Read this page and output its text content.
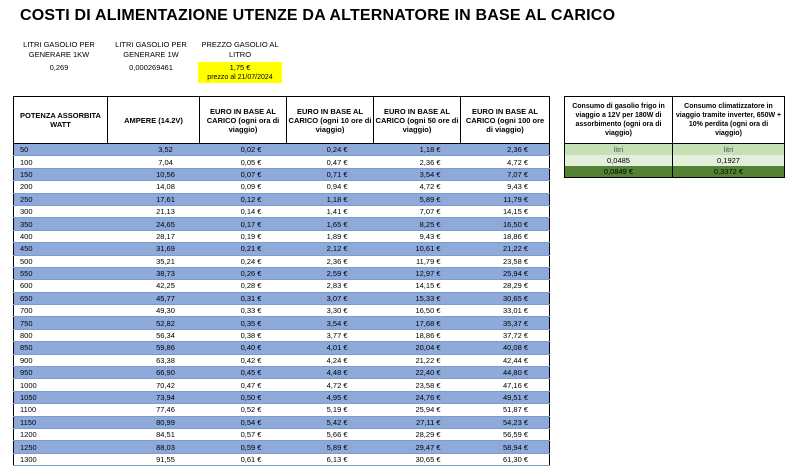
COSTI DI ALIMENTAZIONE UTENZE DA ALTERNATORE IN BASE AL CARICO
LITRI GASOLIO PER GENERARE 1KW
0,269
LITRI GASOLIO PER GENERARE 1W
0,000269461
PREZZO GASOLIO AL LITRO
1,75 €
prezzo al 21/07/2024
POTENZA ASSORBITA WATT	AMPERE (14.2V)	EURO IN BASE AL CARICO (ogni ora di viaggio)	EURO IN BASE AL CARICO (ogni 10 ore di viaggio)	EURO IN BASE AL CARICO (ogni 50 ore di viaggio)	EURO IN BASE AL CARICO (ogni 100 ore di viaggio)
50	3,52	0,02 €	0,24 €	1,18 €	2,36 €
100	7,04	0,05 €	0,47 €	2,36 €	4,72 €
150	10,56	0,07 €	0,71 €	3,54 €	7,07 €
200	14,08	0,09 €	0,94 €	4,72 €	9,43 €
250	17,61	0,12 €	1,18 €	5,89 €	11,79 €
300	21,13	0,14 €	1,41 €	7,07 €	14,15 €
350	24,65	0,17 €	1,65 €	8,25 €	16,50 €
400	28,17	0,19 €	1,89 €	9,43 €	18,86 €
450	31,69	0,21 €	2,12 €	10,61 €	21,22 €
500	35,21	0,24 €	2,36 €	11,79 €	23,58 €
550	38,73	0,26 €	2,59 €	12,97 €	25,94 €
600	42,25	0,28 €	2,83 €	14,15 €	28,29 €
650	45,77	0,31 €	3,07 €	15,33 €	30,65 €
700	49,30	0,33 €	3,30 €	16,50 €	33,01 €
750	52,82	0,35 €	3,54 €	17,68 €	35,37 €
800	56,34	0,38 €	3,77 €	18,86 €	37,72 €
850	59,86	0,40 €	4,01 €	20,04 €	40,08 €
900	63,38	0,42 €	4,24 €	21,22 €	42,44 €
950	66,90	0,45 €	4,48 €	22,40 €	44,80 €
1000	70,42	0,47 €	4,72 €	23,58 €	47,16 €
1050	73,94	0,50 €	4,95 €	24,76 €	49,51 €
1100	77,46	0,52 €	5,19 €	25,94 €	51,87 €
1150	80,99	0,54 €	5,42 €	27,11 €	54,23 €
1200	84,51	0,57 €	5,66 €	28,29 €	56,59 €
1250	88,03	0,59 €	5,89 €	29,47 €	58,94 €
1300	91,55	0,61 €	6,13 €	30,65 €	61,30 €
Consumo di gasolio frigo in viaggio a 12V per 180W di assorbimento (ogni ora di viaggio)	Consumo climatizzatore in viaggio tramite inverter, 650W + 10% perdita (ogni ora di viaggio)
litri	litri
0,0485	0,1927
0,0849 €	0,3372 €
